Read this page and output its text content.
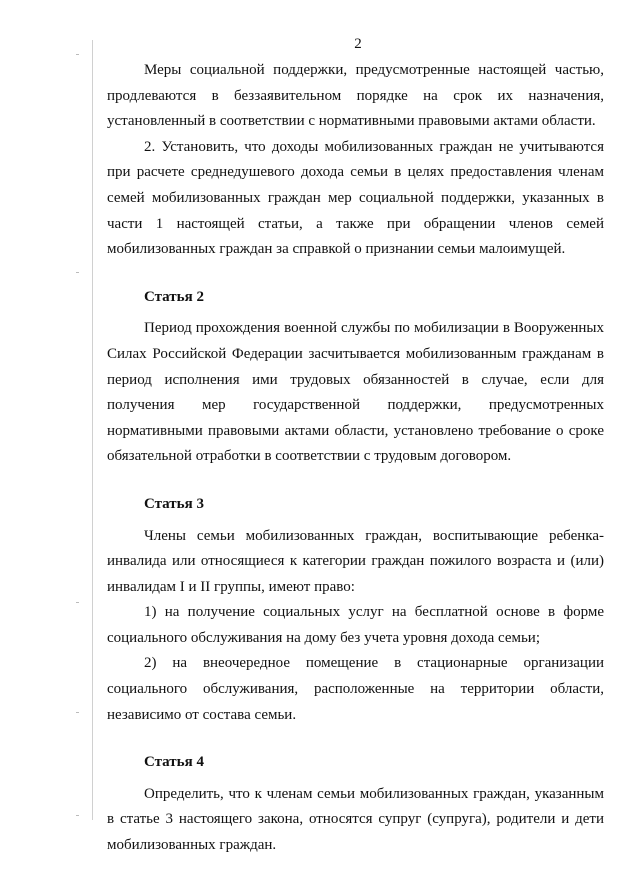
2

Меры социальной поддержки, предусмотренные настоящей частью, продлеваются в беззаявительном порядке на срок их назначения, установленный в соответствии с нормативными правовыми актами области.

2. Установить, что доходы мобилизованных граждан не учитываются при расчете среднедушевого дохода семьи в целях предоставления членам семей мобилизованных граждан мер социальной поддержки, указанных в части 1 настоящей статьи, а также при обращении членов семей мобилизованных граждан за справкой о признании семьи малоимущей.

Статья 2

Период прохождения военной службы по мобилизации в Вооруженных Силах Российской Федерации засчитывается мобилизованным гражданам в период исполнения ими трудовых обязанностей в случае, если для получения мер государственной поддержки, предусмотренных нормативными правовыми актами области, установлено требование о сроке обязательной отработки в соответствии с трудовым договором.

Статья 3

Члены семьи мобилизованных граждан, воспитывающие ребенка-инвалида или относящиеся к категории граждан пожилого возраста и (или) инвалидам I и II группы, имеют право:

1) на получение социальных услуг на бесплатной основе в форме социального обслуживания на дому без учета уровня дохода семьи;

2) на внеочередное помещение в стационарные организации социального обслуживания, расположенные на территории области, независимо от состава семьи.

Статья 4

Определить, что к членам семьи мобилизованных граждан, указанным в статье 3 настоящего закона, относятся супруг (супруга), родители и дети мобилизованных граждан.
